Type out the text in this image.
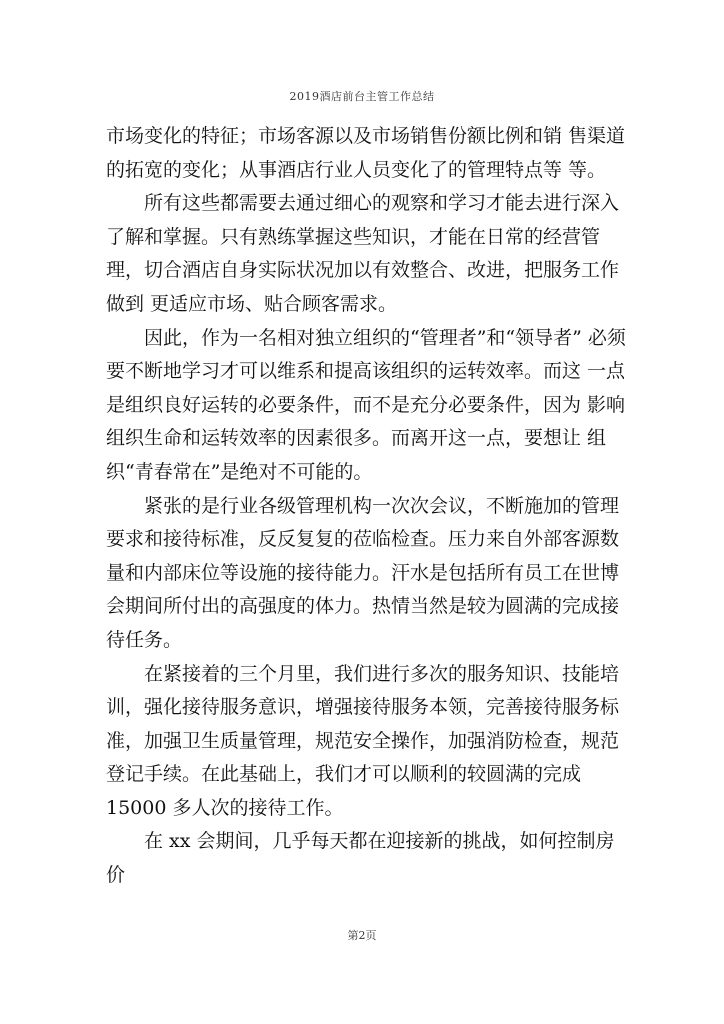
2019酒店前台主管工作总结

市场变化的特征；市场客源以及市场销售份额比例和销 售渠道的拓宽的变化；从事酒店行业人员变化了的管理特点等 等。

　　所有这些都需要去通过细心的观察和学习才能去进行深入 了解和掌握。只有熟练掌握这些知识，才能在日常的经营管理，切合酒店自身实际状况加以有效整合、改进，把服务工作做到 更适应市场、贴合顾客需求。

　　因此，作为一名相对独立组织的“管理者”和“领导者” 必须要不断地学习才可以维系和提高该组织的运转效率。而这 一点是组织良好运转的必要条件，而不是充分必要条件，因为 影响组织生命和运转效率的因素很多。而离开这一点，要想让 组织“青春常在”是绝对不可能的。

　　紧张的是行业各级管理机构一次次会议，不断施加的管理 要求和接待标准，反反复复的莅临检查。压力来自外部客源数 量和内部床位等设施的接待能力。汗水是包括所有员工在世博 会期间所付出的高强度的体力。热情当然是较为圆满的完成接 待任务。

　　在紧接着的三个月里，我们进行多次的服务知识、技能培 训，强化接待服务意识，增强接待服务本领，完善接待服务标 准，加强卫生质量管理，规范安全操作，加强消防检查，规范 登记手续。在此基础上，我们才可以顺利的较圆满的完成 15000 多人次的接待工作。

　　在 xx 会期间，几乎每天都在迎接新的挑战，如何控制房 价

第2页
